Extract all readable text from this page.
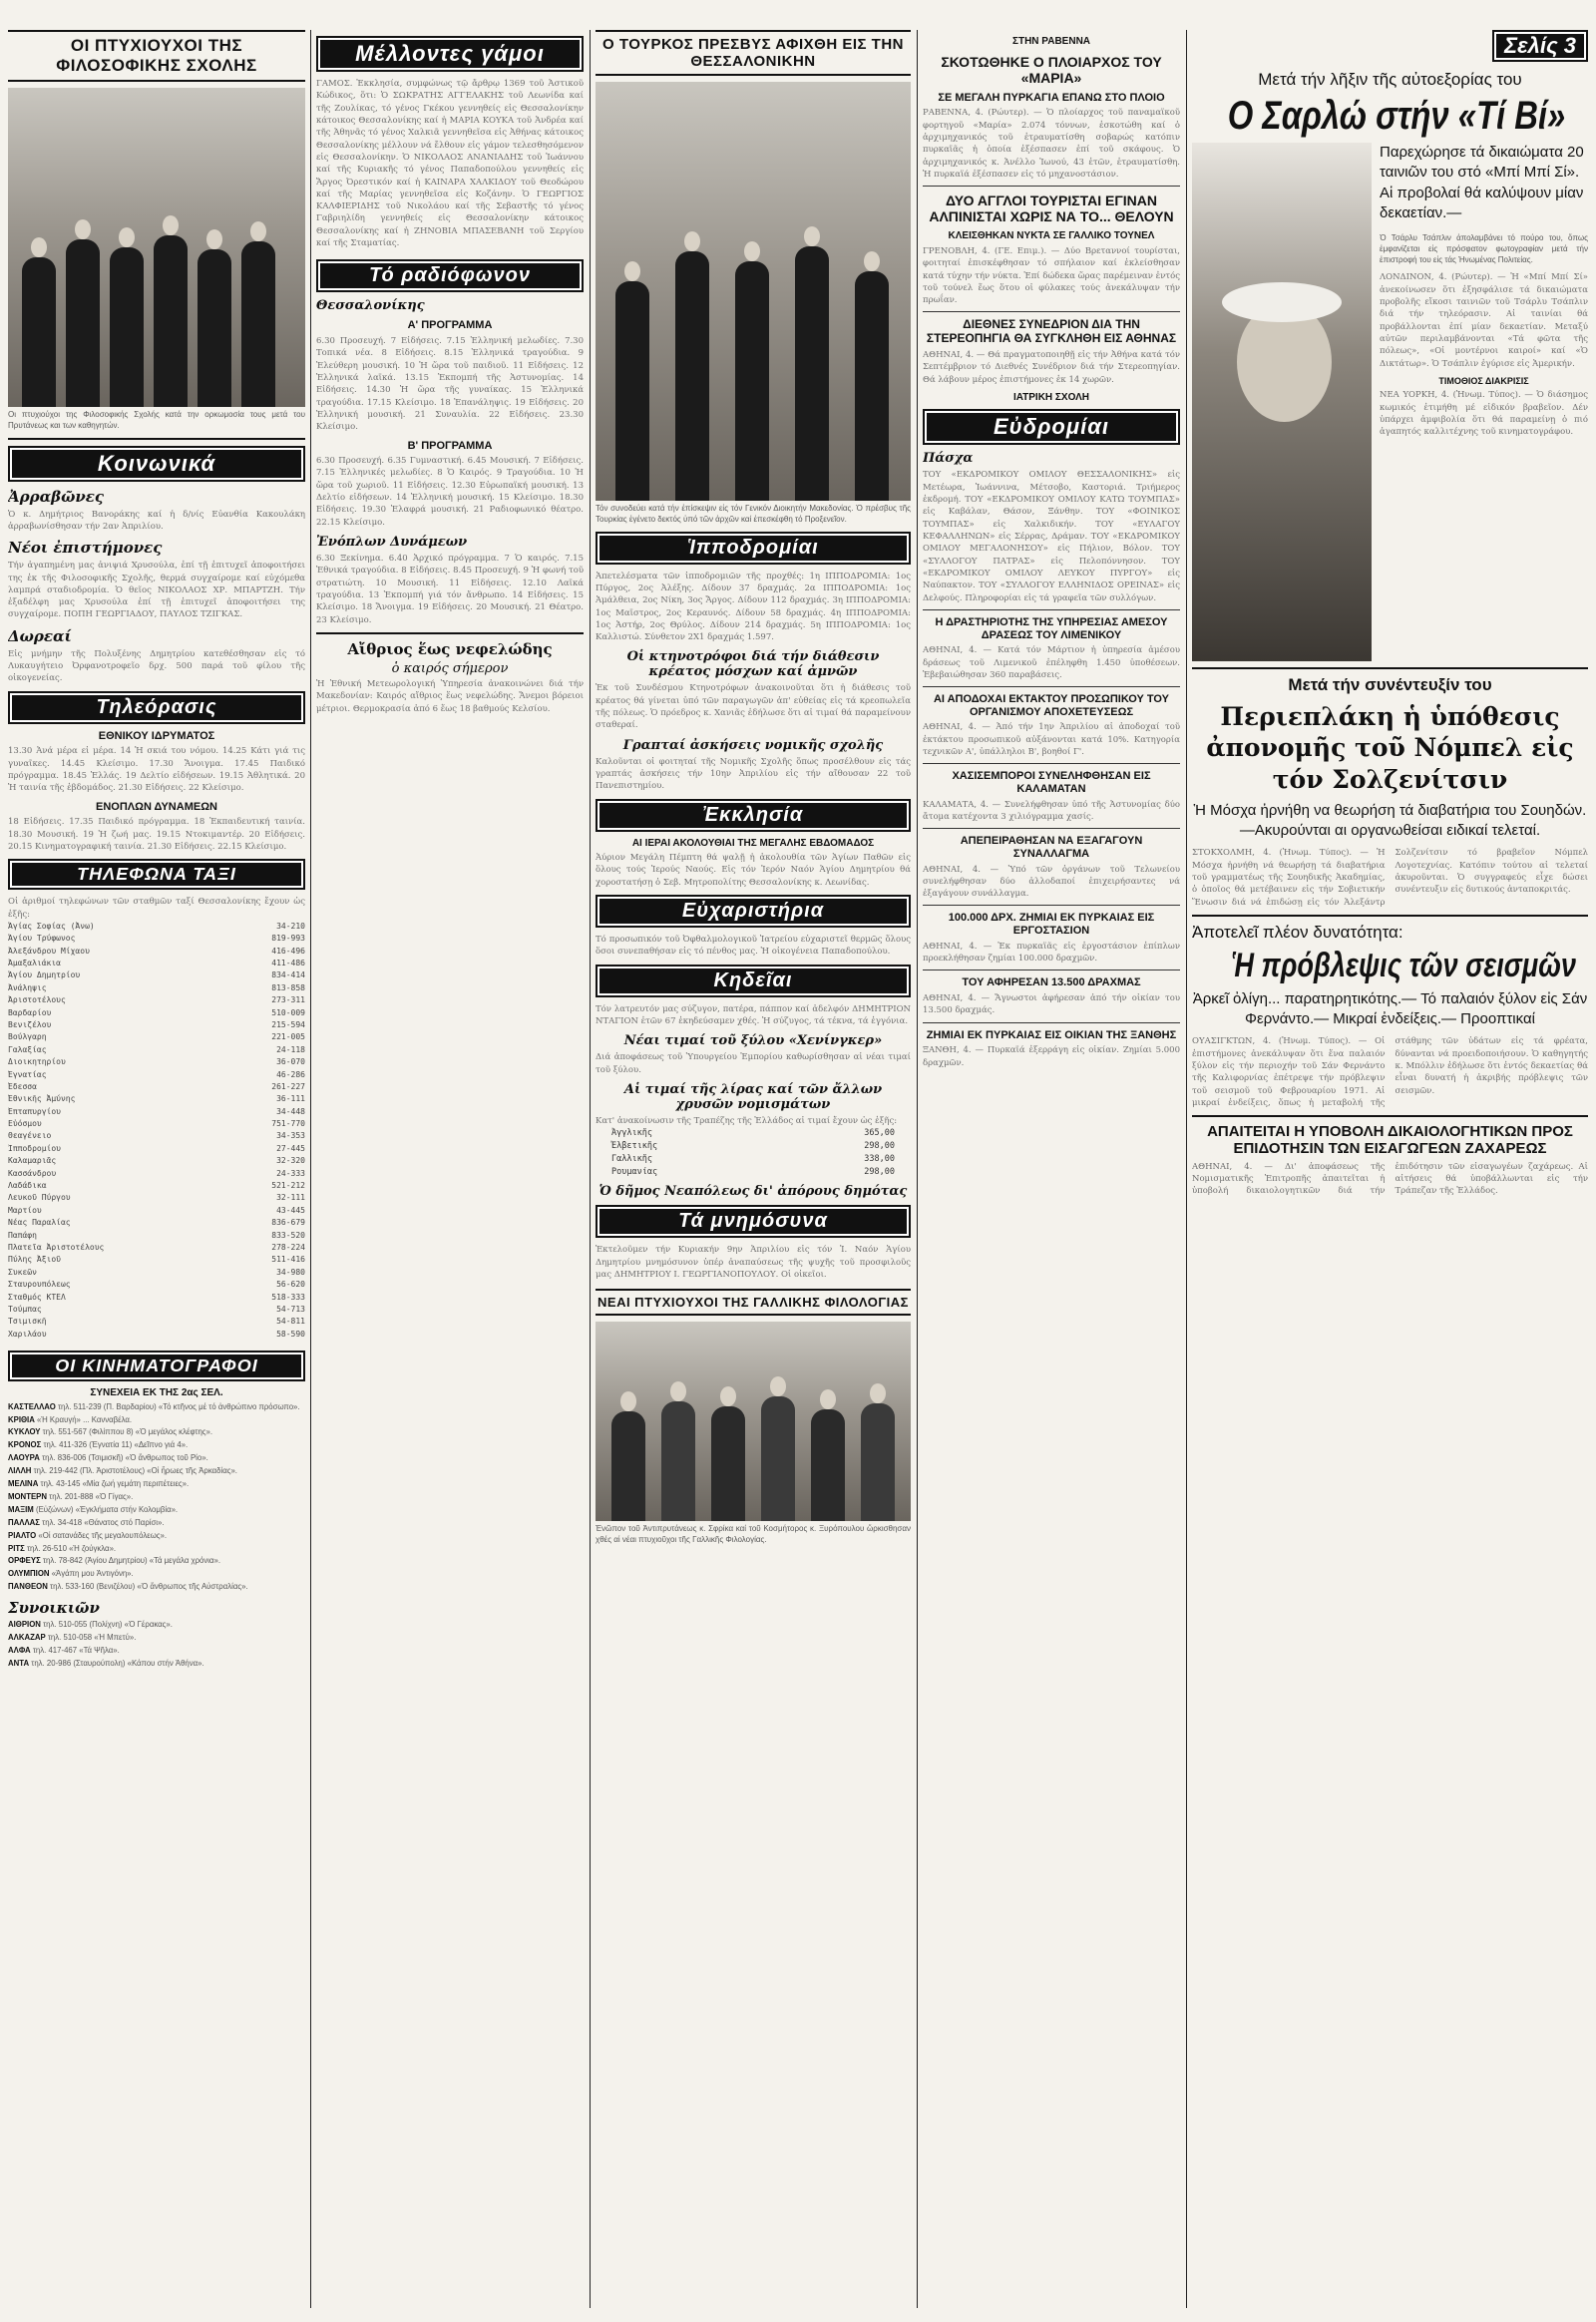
ΟΙ ΠΤΥΧΙΟΥΧΟΙ ΤΗΣ ΦΙΛΟΣΟΦΙΚΗΣ ΣΧΟΛΗΣ
Οι πτυχιούχοι της Φιλοσοφικής Σχολής κατά την ορκωμοσία τους μετά του Πρυτάνεως και των καθηγητών.
Κοινωνικά
Ἀρραβῶνες
Ὁ κ. Δημήτριος Βανοράκης καί ἡ δ/νίς Εὐανθία Κακουλάκη ἀρραβωνίσθησαν τήν 2αν Ἀπριλίου.
Νέοι ἐπιστήμονες
Τήν ἀγαπημένη μας ἀνιψιά Χρυσούλα, ἐπί τῇ ἐπιτυχεῖ ἀποφοιτήσει της ἐκ τῆς Φιλοσοφικῆς Σχολῆς, θερμά συγχαίρομε καί εὐχόμεθα λαμπρά σταδιοδρομία. Ὁ θεῖος ΝΙΚΟΛΑΟΣ ΧΡ. ΜΠΑΡΤΖΗ. Τήν ἐξαδέλφη μας Χρυσούλα ἐπί τῇ ἐπιτυχεῖ ἀποφοιτήσει της συγχαίρομε. ΠΟΠΗ ΓΕΩΡΓΙΑΔΟΥ, ΠΑΥΛΟΣ ΤΖΙΓΚΑΣ.
Δωρεαί
Εἰς μνήμην τῆς Πολυξένης Δημητρίου κατεθέσθησαν εἰς τό Λυκαυγήτειο Ὀρφανοτροφεῖο δρχ. 500 παρά τοῦ φίλου τῆς οἰκογενείας.
Τηλεόρασις
ΕΘΝΙΚΟΥ ΙΔΡΥΜΑΤΟΣ
13.30 Ἀνά μέρα εἰ μέρα. 14 Ἡ σκιά του νόμου. 14.25 Κάτι γιά τις γυναῖκες. 14.45 Κλείσιμο. 17.30 Ἄνοιγμα. 17.45 Παιδικό πρόγραμμα. 18.45 Ἐλλάς. 19 Δελτίο εἰδήσεων. 19.15 Ἀθλητικά. 20 Ἡ ταινία τῆς ἑβδομάδος. 21.30 Εἰδήσεις. 22 Κλείσιμο.
ΕΝΟΠΛΩΝ ΔΥΝΑΜΕΩΝ
18 Εἰδήσεις. 17.35 Παιδικό πρόγραμμα. 18 Ἐκπαιδευτική ταινία. 18.30 Μουσική. 19 Ἡ ζωή μας. 19.15 Ντοκιμαντέρ. 20 Εἰδήσεις. 20.15 Κινηματογραφική ταινία. 21.30 Εἰδήσεις. 22.15 Κλείσιμο.
ΤΗΛΕΦΩΝΑ ΤΑΞΙ
Οἱ ἀριθμοί τηλεφώνων τῶν σταθμῶν ταξί Θεσσαλονίκης ἔχουν ὡς ἑξῆς:
Ἁγίας Σοφίας (Ἀνω)	34-210
Ἁγίου Τρύφωνος	819-993
Ἀλεξάνδρου Μίχαου	416-496
Ἀμαξαλιάκια	411-486
Ἁγίου Δημητρίου	834-414
Ἀνάληψις	813-858
Ἀριστοτέλους	273-311
Βαρδαρίου	510-009
Βενιζέλου	215-594
Βούλγαρη	221-005
Γαλαξίας	24-118
Διοικητηρίου	36-070
Ἐγνατίας	46-286
Ἕδεσσα	261-227
Ἐθνικῆς Ἀμύνης	36-111
Ἑπταπυργίου	34-448
Εὐόσμου	751-770
Θεαγένειο	34-353
Ἱπποδρομίου	27-445
Καλαμαριᾶς	32-320
Κασσάνδρου	24-333
Λαδάδικα	521-212
Λευκοῦ Πύργου	32-111
Μαρτίου	43-445
Νέας Παραλίας	836-679
Παπάφη	833-520
Πλατεῖα Ἀριστοτέλους	278-224
Πύλης Ἀξιοῦ	511-416
Συκεῶν	34-980
Σταυρουπόλεως	56-620
Σταθμός ΚΤΕΛ	518-333
Τούμπας	54-713
Τσιμισκῆ	54-811
Χαριλάου	58-590
ΟΙ ΚΙΝΗΜΑΤΟΓΡΑΦΟΙ
ΣΥΝΕΧΕΙΑ ΕΚ ΤΗΣ 2ας ΣΕΛ.
ΚΑΣΤΕΛΛΑΟ τηλ. 511-239 (Π. Βαρδαρίου) «Τό κτῆνος μέ τό ἀνθρώπινο πρόσωπο».
ΚΡΙΘΙΑ «Ἡ Κραυγή» ... Κανναβέλα.
ΚΥΚΛΟΥ τηλ. 551-567 (Φιλίππου 8) «Ὁ μεγάλος κλέφτης».
ΚΡΟΝΟΣ τηλ. 411-326 (Ἐγνατία 11) «Δεῖπνο γιά 4».
ΛΑΟΥΡΑ τηλ. 836-006 (Τσιμισκῆ) «Ὁ ἄνθρωπος τοῦ Ρίο».
ΛΙΛΛΗ τηλ. 219-442 (Πλ. Ἀριστοτέλους) «Οἱ ἥρωες τῆς Ἀρκαδίας».
ΜΕΛΙΝΑ τηλ. 43-145 «Μία ζωή γεμάτη περιπέτειες».
ΜΟΝΤΕΡΝ τηλ. 201-888 «Ὁ Γίγας».
ΜΑΞΙΜ (Εὐζώνων) «Ἐγκλήματα στήν Κολομβία».
ΠΑΛΛΑΣ τηλ. 34-418 «Θάνατος στό Παρίσι».
ΡΙΑΛΤΟ «Οἱ σατανάδες τῆς μεγαλουπόλεως».
ΡΙΤΣ τηλ. 26-510 «Ἡ ζούγκλα».
ΟΡΦΕΥΣ τηλ. 78-842 (Ἁγίου Δημητρίου) «Τά μεγάλα χρόνια».
ΟΛΥΜΠΙΟΝ «Ἀγάπη μου Ἀντιγόνη».
ΠΑΝΘΕΟΝ τηλ. 533-160 (Βενιζέλου) «Ὁ ἄνθρωπος τῆς Αὐστραλίας».
Συνοικιῶν
ΑΙΘΡΙΟΝ τηλ. 510-055 (Πολίχνη) «Ὁ Γέρακας».
ΑΛΚΑΖΑΡ τηλ. 510-058 «Ἡ Μπετύ».
ΑΛΦΑ τηλ. 417-467 «Τά Ψῆλα».
ΑΝΤΑ τηλ. 20-986 (Σταυρούπολη) «Κάπου στήν Ἀθήνα».
Μέλλοντες γάμοι
ΓΑΜΟΣ. Ἐκκλησία, συμφώνως τῷ ἄρθρῳ 1369 τοῦ Ἀστικοῦ Κώδικος, ὅτι: Ὁ ΣΩΚΡΑΤΗΣ ΑΓΓΕΛΑΚΗΣ τοῦ Λεωνίδα καί τῆς Ζουλίκας, τό γένος Γκέκου γεννηθείς εἰς Θεσσαλονίκην κάτοικος Θεσσαλονίκης καί ἡ ΜΑΡΙΑ ΚΟΥΚΑ τοῦ Ἀνδρέα καί τῆς Ἀθηνᾶς τό γένος Χαλκιᾶ γεννηθεῖσα εἰς Ἀθήνας κάτοικος Θεσσαλονίκης μέλλουν νά ἔλθουν εἰς γάμον τελεσθησόμενον εἰς Θεσσαλονίκην. Ὁ ΝΙΚΟΛΑΟΣ ΑΝΑΝΙΑΔΗΣ τοῦ Ἰωάννου καί τῆς Κυριακῆς τό γένος Παπαδοπούλου γεννηθείς εἰς Ἄργος Ὀρεστικόν καί ἡ ΚΑΙΝΑΡΑ ΧΑΛΚΙΔΟΥ τοῦ Θεοδώρου καί τῆς Μαρίας γεννηθεῖσα εἰς Κοζάνην. Ὁ ΓΕΩΡΓΙΟΣ ΚΑΛΦΙΕΡΙΔΗΣ τοῦ Νικολάου καί τῆς Σεβαστῆς τό γένος Γαβριηλίδη γεννηθείς εἰς Θεσσαλονίκην κάτοικος Θεσσαλονίκης καί ἡ ΖΗΝΟΒΙΑ ΜΠΑΣΕΒΑΝΗ τοῦ Σεργίου καί τῆς Σταματίας.
Τό ραδιόφωνον
Θεσσαλονίκης
Α' ΠΡΟΓΡΑΜΜΑ
6.30 Προσευχή. 7 Εἰδήσεις. 7.15 Ἑλληνική μελωδίες. 7.30 Τοπικά νέα. 8 Εἰδήσεις. 8.15 Ἑλληνικά τραγούδια. 9 Ἐλεύθερη μουσική. 10 Ἡ ὥρα τοῦ παιδιοῦ. 11 Εἰδήσεις. 12 Ἑλληνικά λαϊκά. 13.15 Ἐκπομπή τῆς Ἀστυνομίας. 14 Εἰδήσεις. 14.30 Ἡ ὥρα τῆς γυναίκας. 15 Ἑλληνικά τραγούδια. 17.15 Κλείσιμο. 18 Ἐπανάληψις. 19 Εἰδήσεις. 20 Ἑλληνική μουσική. 21 Συναυλία. 22 Εἰδήσεις. 23.30 Κλείσιμο.
Β' ΠΡΟΓΡΑΜΜΑ
6.30 Προσευχή. 6.35 Γυμναστική. 6.45 Μουσική. 7 Εἰδήσεις. 7.15 Ἑλληνικές μελωδίες. 8 Ὁ Καιρός. 9 Τραγούδια. 10 Ἡ ὥρα τοῦ χωριοῦ. 11 Εἰδήσεις. 12.30 Εὐρωπαϊκή μουσική. 13 Δελτίο εἰδήσεων. 14 Ἑλληνική μουσική. 15 Κλείσιμο. 18.30 Εἰδήσεις. 19.30 Ἐλαφρά μουσική. 21 Ραδιοφωνικό θέατρο. 22.15 Κλείσιμο.
Ἐνόπλων Δυνάμεων
6.30 Ξεκίνημα. 6.40 Ἀρχικό πρόγραμμα. 7 Ὁ καιρός. 7.15 Ἐθνικά τραγούδια. 8 Εἰδήσεις. 8.45 Προσευχή. 9 Ἡ φωνή τοῦ στρατιώτη. 10 Μουσική. 11 Εἰδήσεις. 12.10 Λαϊκά τραγούδια. 13 Ἐκπομπή γιά τόν ἄνθρωπο. 14 Εἰδήσεις. 15 Κλείσιμο. 18 Ἄνοιγμα. 19 Εἰδήσεις. 20 Μουσική. 21 Θέατρο. 23 Κλείσιμο.
Αἴθριος ἕως νεφελώδης
ὁ καιρός σήμερον
Ἡ Ἐθνική Μετεωρολογική Ὑπηρεσία ἀνακοινώνει διά τήν Μακεδονίαν: Καιρός αἴθριος ἕως νεφελώδης. Ἄνεμοι βόρειοι μέτριοι. Θερμοκρασία ἀπό 6 ἕως 18 βαθμούς Κελσίου.
Ο ΤΟΥΡΚΟΣ ΠΡΕΣΒΥΣ ΑΦΙΧΘΗ ΕΙΣ ΤΗΝ ΘΕΣΣΑΛΟΝΙΚΗΝ
Τόν συνοδεύει κατά τήν ἐπίσκεψιν εἰς τόν Γενικόν Διοικητήν Μακεδονίας. Ὁ πρέσβυς τῆς Τουρκίας ἐγένετο δεκτός ὑπό τῶν ἀρχῶν καί ἐπεσκέφθη τό Προξενεῖον.
Ἱπποδρομίαι
Ἀπετελέσματα τῶν ἱπποδρομιῶν τῆς προχθές: 1η ΙΠΠΟΔΡΟΜΙΑ: 1ος Πύργος, 2ος Ἀλέξης. Δίδουν 37 δραχμάς. 2α ΙΠΠΟΔΡΟΜΙΑ: 1ος Ἀμάλθεια, 2ος Νίκη, 3ος Ἄργος. Δίδουν 112 δραχμάς. 3η ΙΠΠΟΔΡΟΜΙΑ: 1ος Μαϊστρος, 2ος Κεραυνός. Δίδουν 58 δραχμάς. 4η ΙΠΠΟΔΡΟΜΙΑ: 1ος Ἀστήρ, 2ος Θρύλος. Δίδουν 214 δραχμάς. 5η ΙΠΠΟΔΡΟΜΙΑ: 1ος Καλλιστώ. Σύνθετον 2Χ1 δραχμάς 1.597.
Οἱ κτηνοτρόφοι διά τήν διάθεσιν κρέατος μόσχων καί ἀμνῶν
Ἐκ τοῦ Συνδέσμου Κτηνοτρόφων ἀνακοινοῦται ὅτι ἡ διάθεσις τοῦ κρέατος θά γίνεται ὑπό τῶν παραγωγῶν ἀπ' εὐθείας εἰς τά κρεοπωλεῖα τῆς πόλεως. Ὁ πρόεδρος κ. Χανιᾶς ἐδήλωσε ὅτι αἱ τιμαί θά παραμείνουν σταθεραί.
Γραπταί ἀσκήσεις νομικῆς σχολῆς
Καλοῦνται οἱ φοιτηταί τῆς Νομικῆς Σχολῆς ὅπως προσέλθουν εἰς τάς γραπτάς ἀσκήσεις τήν 10ην Ἀπριλίου εἰς τήν αἴθουσαν 22 τοῦ Πανεπιστημίου.
Ἐκκλησία
ΑΙ ΙΕΡΑΙ ΑΚΟΛΟΥΘΙΑΙ ΤΗΣ ΜΕΓΑΛΗΣ ΕΒΔΟΜΑΔΟΣ
Ἀύριον Μεγάλη Πέμπτη θά ψαλῇ ἡ ἀκολουθία τῶν Ἁγίων Παθῶν εἰς ὅλους τούς Ἱερούς Ναούς. Εἰς τόν Ἱερόν Ναόν Ἁγίου Δημητρίου θά χοροστατήσῃ ὁ Σεβ. Μητροπολίτης Θεσσαλονίκης κ. Λεωνίδας.
Εὐχαριστήρια
Τό προσωπικόν τοῦ Ὀφθαλμολογικοῦ Ἰατρείου εὐχαριστεῖ θερμῶς ὅλους ὅσοι συνεπαθήσαν εἰς τό πένθος μας. Ἡ οἰκογένεια Παπαδοπούλου.
Κηδεῖαι
Τόν λατρευτόν μας σύζυγον, πατέρα, πάππον καί ἀδελφόν ΔΗΜΗΤΡΙΟΝ ΝΤΑΓΙΟΝ ἐτῶν 67 ἐκηδεύσαμεν χθές. Ἡ σύζυγος, τά τέκνα, τά ἐγγόνια.
Νέαι τιμαί τοῦ ξύλου «Χενίνγκερ»
Διά ἀποφάσεως τοῦ Ὑπουργείου Ἐμπορίου καθωρίσθησαν αἱ νέαι τιμαί τοῦ ξύλου.
Αἱ τιμαί τῆς λίρας καί τῶν ἄλλων χρυσῶν νομισμάτων
Κατ' ἀνακοίνωσιν τῆς Τραπέζης τῆς Ἑλλάδος αἱ τιμαί ἔχουν ὡς ἑξῆς:
Ἀγγλικῆς	365,00
Ἐλβετικῆς	298,00
Γαλλικῆς	338,00
Ρουμανίας	298,00
Ὁ δῆμος Νεαπόλεως δι' ἀπόρους δημότας
Τά μνημόσυνα
Ἐκτελοῦμεν τήν Κυριακήν 9ην Ἀπριλίου εἰς τόν Ἱ. Ναόν Ἁγίου Δημητρίου μνημόσυνον ὑπέρ ἀναπαύσεως τῆς ψυχῆς τοῦ προσφιλοῦς μας ΔΗΜΗΤΡΙΟΥ Ι. ΓΕΩΡΓΙΑΝΟΠΟΥΛΟΥ. Οἱ οἰκεῖοι.
ΝΕΑΙ ΠΤΥΧΙΟΥΧΟΙ ΤΗΣ ΓΑΛΛΙΚΗΣ ΦΙΛΟΛΟΓΙΑΣ
Ἐνῶπον τοῦ Ἀντιπρυτάνεως κ. Σφρίκα καί τοῦ Κοσμήτορος κ. Ξυρόπουλου ὤρκισθησαν χθές αἱ νέαι πτυχιοῦχοι τῆς Γαλλικῆς Φιλολογίας.
ΣΤΗΝ ΡΑΒΕΝΝΑ
ΣΚΟΤΩΘΗΚΕ Ο ΠΛΟΙΑΡΧΟΣ ΤΟΥ «ΜΑΡΙΑ»
ΣΕ ΜΕΓΑΛΗ ΠΥΡΚΑΓΙΑ ΕΠΑΝΩ ΣΤΟ ΠΛΟΙΟ
ΡΑΒΕΝΝΑ, 4. (Ρώυτερ). — Ὁ πλοίαρχος τοῦ παναμαϊκοῦ φορτηγοῦ «Μαρία» 2.074 τόννων, ἐσκοτώθη καί ὁ ἀρχιμηχανικός τοῦ ἐτραυματίσθη σοβαρώς κατόπιν πυρκαϊᾶς ἡ ὁποία ἐξέσπασεν ἐπί τοῦ σκάφους. Ὁ ἀρχιμηχανικός κ. Ἀνέλλο Ἰωνού, 43 ἐτῶν, ἐτραυματίσθη. Ἡ πυρκαϊά ἐξέσπασεν εἰς τό μηχανοστάσιον.
ΔΥΟ ΑΓΓΛΟΙ ΤΟΥΡΙΣΤΑΙ ΕΓΙΝΑΝ ΑΛΠΙΝΙΣΤΑΙ ΧΩΡΙΣ ΝΑ ΤΟ... ΘΕΛΟΥΝ
ΚΛΕΙΣΘΗΚΑΝ ΝΥΚΤΑ ΣΕ ΓΑΛΛΙΚΟ ΤΟΥΝΕΛ
ΓΡΕΝΟΒΛΗ, 4. (ΓΕ. Επιμ.). — Δύο Βρεταννοί τουρίσται, φοιτηταί ἐπισκέφθησαν τό σπήλαιον καί ἐκλείσθησαν κατά τύχην τήν νύκτα. Ἐπί δώδεκα ὥρας παρέμειναν ἐντός τοῦ τούνελ ἕως ὅτου οἱ φύλακες τούς ἀνεκάλυψαν τήν πρωΐαν.
ΔΙΕΘΝΕΣ ΣΥΝΕΔΡΙΟΝ ΔΙΑ ΤΗΝ ΣΤΕΡΕΟΠΗΓΙΑ ΘΑ ΣΥΓΚΛΗΘΗ ΕΙΣ ΑΘΗΝΑΣ
ΑΘΗΝΑΙ, 4. — Θά πραγματοποιηθῇ εἰς τήν Ἀθήνα κατά τόν Σεπτέμβριον τό Διεθνές Συνέδριον διά τήν Στερεοπηγίαν. Θά λάβουν μέρος ἐπιστήμονες ἐκ 14 χωρῶν.
ΙΑΤΡΙΚΗ ΣΧΟΛΗ
Εὐδρομίαι
Πάσχα
ΤΟΥ «ΕΚΔΡΟΜΙΚΟΥ ΟΜΙΛΟΥ ΘΕΣΣΑΛΟΝΙΚΗΣ» εἰς Μετέωρα, Ἰωάννινα, Μέτσοβο, Καστοριά. Τριήμερος ἐκδρομή. ΤΟΥ «ΕΚΔΡΟΜΙΚΟΥ ΟΜΙΛΟΥ ΚΑΤΩ ΤΟΥΜΠΑΣ» εἰς Καβάλαν, Θάσον, Ξάνθην. ΤΟΥ «ΦΟΙΝΙΚΟΣ ΤΟΥΜΠΑΣ» εἰς Χαλκιδικήν. ΤΟΥ «ΕΥΛΑΓΟΥ ΚΕΦΑΛΛΗΝΩΝ» εἰς Σέρρας, Δράμαν. ΤΟΥ «ΕΚΔΡΟΜΙΚΟΥ ΟΜΙΛΟΥ ΜΕΓΑΛΟΝΗΣΟΥ» εἰς Πήλιον, Βόλον. ΤΟΥ «ΣΥΛΛΟΓΟΥ ΠΑΤΡΑΣ» εἰς Πελοπόννησον. ΤΟΥ «ΕΚΔΡΟΜΙΚΟΥ ΟΜΙΛΟΥ ΛΕΥΚΟΥ ΠΥΡΓΟΥ» εἰς Ναύπακτον. ΤΟΥ «ΣΥΛΛΟΓΟΥ ΕΛΛΗΝΙΔΟΣ ΟΡΕΙΝΑΣ» εἰς Δελφούς. Πληροφορίαι εἰς τά γραφεῖα τῶν συλλόγων.
Η ΔΡΑΣΤΗΡΙΟΤΗΣ ΤΗΣ ΥΠΗΡΕΣΙΑΣ ΑΜΕΣΟΥ ΔΡΑΣΕΩΣ ΤΟΥ ΛΙΜΕΝΙΚΟΥ
ΑΘΗΝΑΙ, 4. — Κατά τόν Μάρτιον ἡ ὑπηρεσία ἀμέσου δράσεως τοῦ Λιμενικοῦ ἐπέληφθη 1.450 ὑποθέσεων. Ἐβεβαιώθησαν 360 παραβάσεις.
ΑΙ ΑΠΟΔΟΧΑΙ ΕΚΤΑΚΤΟΥ ΠΡΟΣΩΠΙΚΟΥ ΤΟΥ ΟΡΓΑΝΙΣΜΟΥ ΑΠΟΧΕΤΕΥΣΕΩΣ
ΑΘΗΝΑΙ, 4. — Ἀπό τήν 1ην Ἀπριλίου αἱ ἀποδοχαί τοῦ ἐκτάκτου προσωπικοῦ αὐξάνονται κατά 10%. Κατηγορία τεχνικῶν Α', ὑπάλληλοι Β', βοηθοί Γ'.
ΧΑΣΙΣΕΜΠΟΡΟΙ ΣΥΝΕΛΗΦΘΗΣΑΝ ΕΙΣ ΚΑΛΑΜΑΤΑΝ
ΚΑΛΑΜΑΤΑ, 4. — Συνελήφθησαν ὑπό τῆς Ἀστυνομίας δύο ἄτομα κατέχοντα 3 χιλιόγραμμα χασίς.
ΑΠΕΠΕΙΡΑΘΗΣΑΝ ΝΑ ΕΞΑΓΑΓΟΥΝ ΣΥΝΑΛΛΑΓΜΑ
ΑΘΗΝΑΙ, 4. — Ὑπό τῶν ὀργάνων τοῦ Τελωνείου συνελήφθησαν δύο ἀλλοδαποί ἐπιχειρήσαντες νά ἐξαγάγουν συνάλλαγμα.
100.000 ΔΡΧ. ΖΗΜΙΑΙ ΕΚ ΠΥΡΚΑΙΑΣ ΕΙΣ ΕΡΓΟΣΤΑΣΙΟΝ
ΑΘΗΝΑΙ, 4. — Ἐκ πυρκαϊᾶς εἰς ἐργοστάσιον ἐπίπλων προεκλήθησαν ζημίαι 100.000 δραχμῶν.
ΤΟΥ ΑΦΗΡΕΣΑΝ 13.500 ΔΡΑΧΜΑΣ
ΑΘΗΝΑΙ, 4. — Ἄγνωστοι ἀφήρεσαν ἀπό τήν οἰκίαν του 13.500 δραχμάς.
ΖΗΜΙΑΙ ΕΚ ΠΥΡΚΑΙΑΣ ΕΙΣ ΟΙΚΙΑΝ ΤΗΣ ΞΑΝΘΗΣ
ΞΑΝΘΗ, 4. — Πυρκαϊά ἐξερράγη εἰς οἰκίαν. Ζημίαι 5.000 δραχμῶν.
Σελίς 3
Μετά τήν λῆξιν τῆς αὐτοεξορίας του
Ο Σαρλώ στήν «Τί Βί»
Παρεχώρησε τά δικαιώματα 20 ταινιῶν του στό «Μπί Μπί Σί». Αἱ προβολαί θά καλύψουν μίαν δεκαετίαν.—
Ὁ Τσάρλυ Τσάπλιν ἀπολαμβάνει τό πούρο του, ὅπως ἐμφανίζεται εἰς πρόσφατον φωτογραφίαν μετά τήν ἐπιστροφή του εἰς τάς Ἡνωμένας Πολιτείας.
ΛΟΝΔΙΝΟΝ, 4. (Ρώυτερ). — Ἡ «Μπί Μπί Σί» ἀνεκοίνωσεν ὅτι ἐξησφάλισε τά δικαιώματα προβολῆς εἴκοσι ταινιῶν τοῦ Τσάρλυ Τσάπλιν διά τήν τηλεόρασιν. Αἱ ταινίαι θά προβάλλονται ἐπί μίαν δεκαετίαν. Μεταξύ αὐτῶν περιλαμβάνονται «Τά φῶτα τῆς πόλεως», «Οἱ μοντέρνοι καιροί» καί «Ὁ Δικτάτωρ». Ὁ Τσάπλιν ἐγύρισε εἰς Ἀμερικήν.
ΤΙΜΟΘΙΟΣ ΔΙΑΚΡΙΣΙΣ
ΝΕΑ ΥΟΡΚΗ, 4. (Ἡνωμ. Τύπος). — Ὁ διάσημος κωμικός ἐτιμήθη μέ εἰδικόν βραβεῖον. Δέν ὑπάρχει ἀμφιβολία ὅτι θά παραμείνῃ ὁ πιό ἀγαπητός καλλιτέχνης τοῦ κινηματογράφου.
Μετά τήν συνέντευξίν του
Περιεπλάκη ἡ ὑπόθεσις ἀπονομῆς τοῦ Νόμπελ εἰς τόν Σολζενίτσιν
Ἡ Μόσχα ἠρνήθη να θεωρήση τά διαβατήρια του Σουηδών.—Ακυρούνται αι οργανωθείσαι ειδικαί τελεταί.
ΣΤΟΚΧΟΛΜΗ, 4. (Ἡνωμ. Τύπος). — Ἡ Μόσχα ἠρνήθη νά θεωρήσῃ τά διαβατήρια τοῦ γραμματέως τῆς Σουηδικῆς Ἀκαδημίας, ὁ ὁποῖος θά μετέβαινεν εἰς τήν Σοβιετικήν Ἕνωσιν διά νά ἐπιδώσῃ εἰς τόν Ἀλεξάντρ Σολζενίτσιν τό βραβεῖον Νόμπελ Λογοτεχνίας. Κατόπιν τούτου αἱ τελεταί ἀκυροῦνται. Ὁ συγγραφεύς εἶχε δώσει συνέντευξιν εἰς δυτικούς ἀνταποκριτάς.
Ἀποτελεῖ πλέον δυνατότητα:
Ἡ πρόβλεψις τῶν σεισμῶν
Ἀρκεῖ ὀλίγη... παρατηρητικότης.— Τό παλαιόν ξύλον εἰς Σάν Φερνάντο.— Μικραί ἐνδείξεις.— Προοπτικαί
ΟΥΑΣΙΓΚΤΩΝ, 4. (Ἡνωμ. Τύπος). — Οἱ ἐπιστήμονες ἀνεκάλυψαν ὅτι ἕνα παλαιόν ξύλον εἰς τήν περιοχήν τοῦ Σάν Φερνάντο τῆς Καλιφορνίας ἐπέτρεψε τήν πρόβλεψιν τοῦ σεισμοῦ τοῦ Φεβρουαρίου 1971. Αἱ μικραί ἐνδείξεις, ὅπως ἡ μεταβολή τῆς στάθμης τῶν ὑδάτων εἰς τά φρέατα, δύνανται νά προειδοποιήσουν. Ὁ καθηγητής κ. Μπόλλιν ἐδήλωσε ὅτι ἐντός δεκαετίας θά εἶναι δυνατή ἡ ἀκριβής πρόβλεψις τῶν σεισμῶν.
ΑΠΑΙΤΕΙΤΑΙ Η ΥΠΟΒΟΛΗ ΔΙΚΑΙΟΛΟΓΗΤΙΚΩΝ ΠΡΟΣ ΕΠΙΔΟΤΗΣΙΝ ΤΩΝ ΕΙΣΑΓΩΓΕΩΝ ΖΑΧΑΡΕΩΣ
ΑΘΗΝΑΙ, 4. — Δι' ἀποφάσεως τῆς Νομισματικῆς Ἐπιτροπῆς ἀπαιτεῖται ἡ ὑποβολή δικαιολογητικῶν διά τήν ἐπιδότησιν τῶν εἰσαγωγέων ζαχάρεως. Αἱ αἰτήσεις θά ὑποβάλλωνται εἰς τήν Τράπεζαν τῆς Ἑλλάδος.
